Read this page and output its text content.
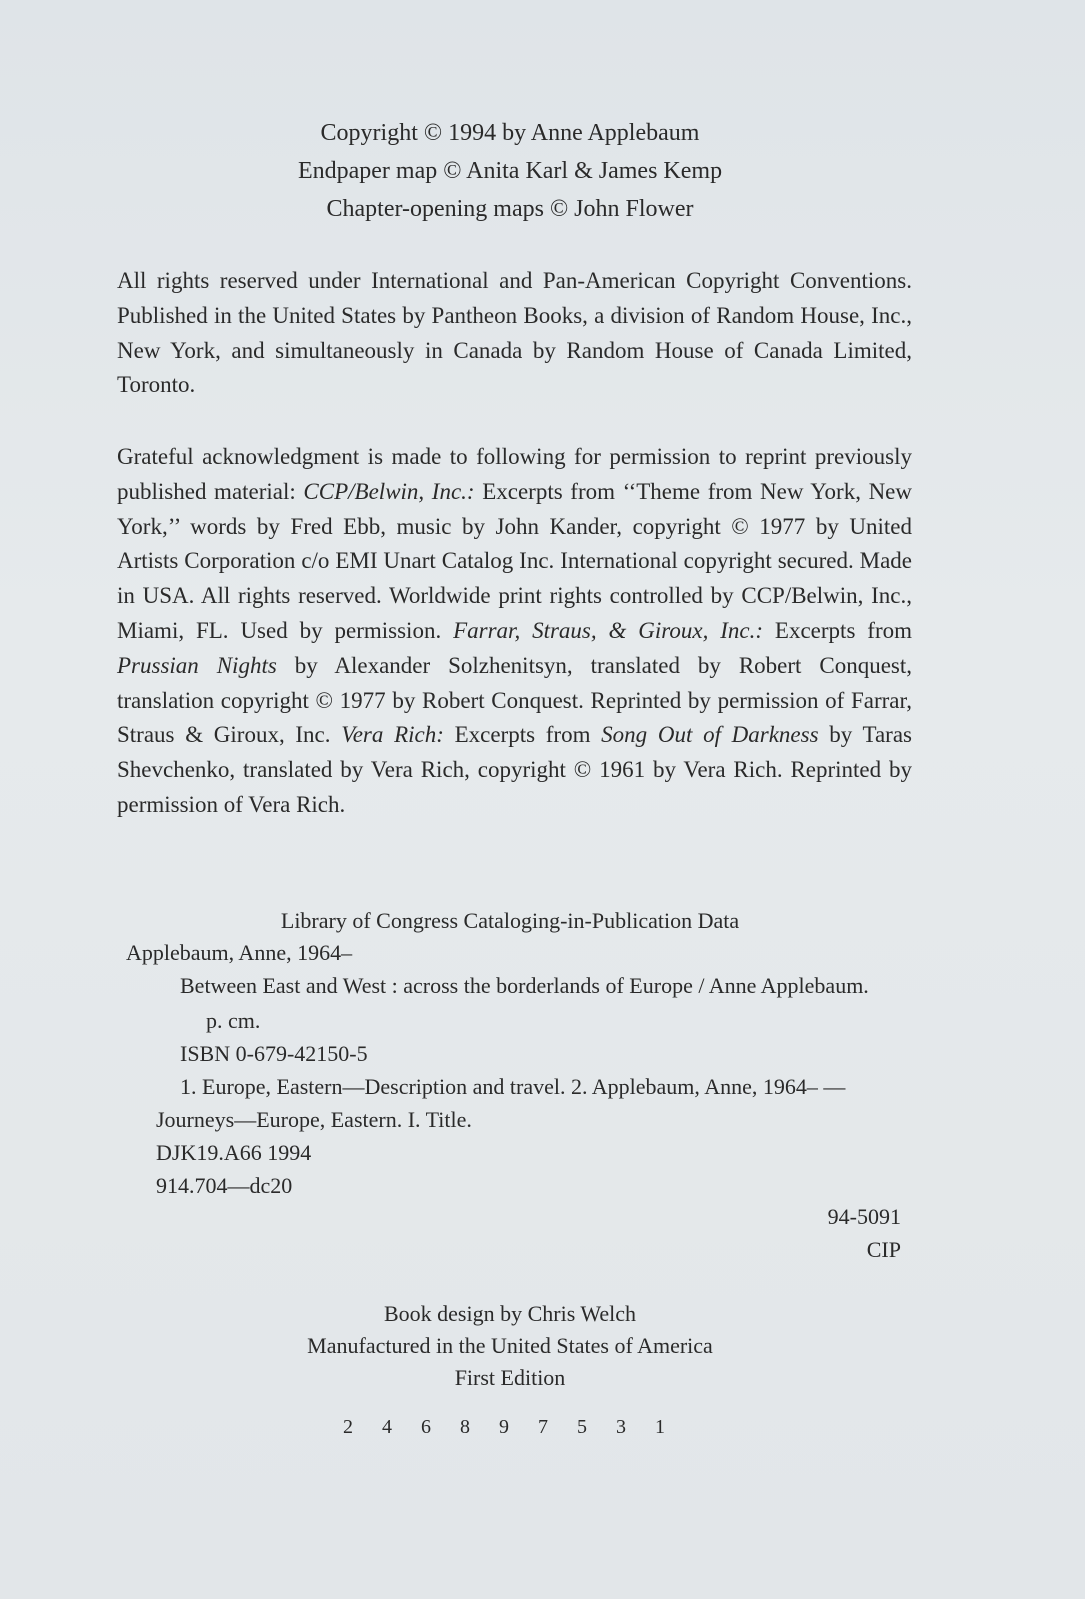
Copyright © 1994 by Anne Applebaum
Endpaper map © Anita Karl & James Kemp
Chapter-opening maps © John Flower
All rights reserved under International and Pan-American Copyright Conventions. Published in the United States by Pantheon Books, a division of Random House, Inc., New York, and simultaneously in Canada by Random House of Canada Limited, Toronto.
Grateful acknowledgment is made to following for permission to reprint previously published material: CCP/Belwin, Inc.: Excerpts from ‘‘Theme from New York, New York,’’ words by Fred Ebb, music by John Kander, copyright © 1977 by United Artists Corporation c/o EMI Unart Catalog Inc. International copyright secured. Made in USA. All rights reserved. Worldwide print rights controlled by CCP/Belwin, Inc., Miami, FL. Used by permission. Farrar, Straus, & Giroux, Inc.: Excerpts from Prussian Nights by Alexander Solzhenitsyn, translated by Robert Conquest, translation copyright © 1977 by Robert Conquest. Reprinted by permission of Farrar, Straus & Giroux, Inc. Vera Rich: Excerpts from Song Out of Darkness by Taras Shevchenko, translated by Vera Rich, copyright © 1961 by Vera Rich. Reprinted by permission of Vera Rich.
Library of Congress Cataloging-in-Publication Data
Applebaum, Anne, 1964–
Between East and West : across the borderlands of Europe / Anne Applebaum.
p. cm.
ISBN 0-679-42150-5
1. Europe, Eastern—Description and travel. 2. Applebaum, Anne, 1964– —Journeys—Europe, Eastern. I. Title.
DJK19.A66 1994
914.704—dc20
94-5091
CIP
Book design by Chris Welch
Manufactured in the United States of America
First Edition
2 4 6 8 9 7 5 3 1
